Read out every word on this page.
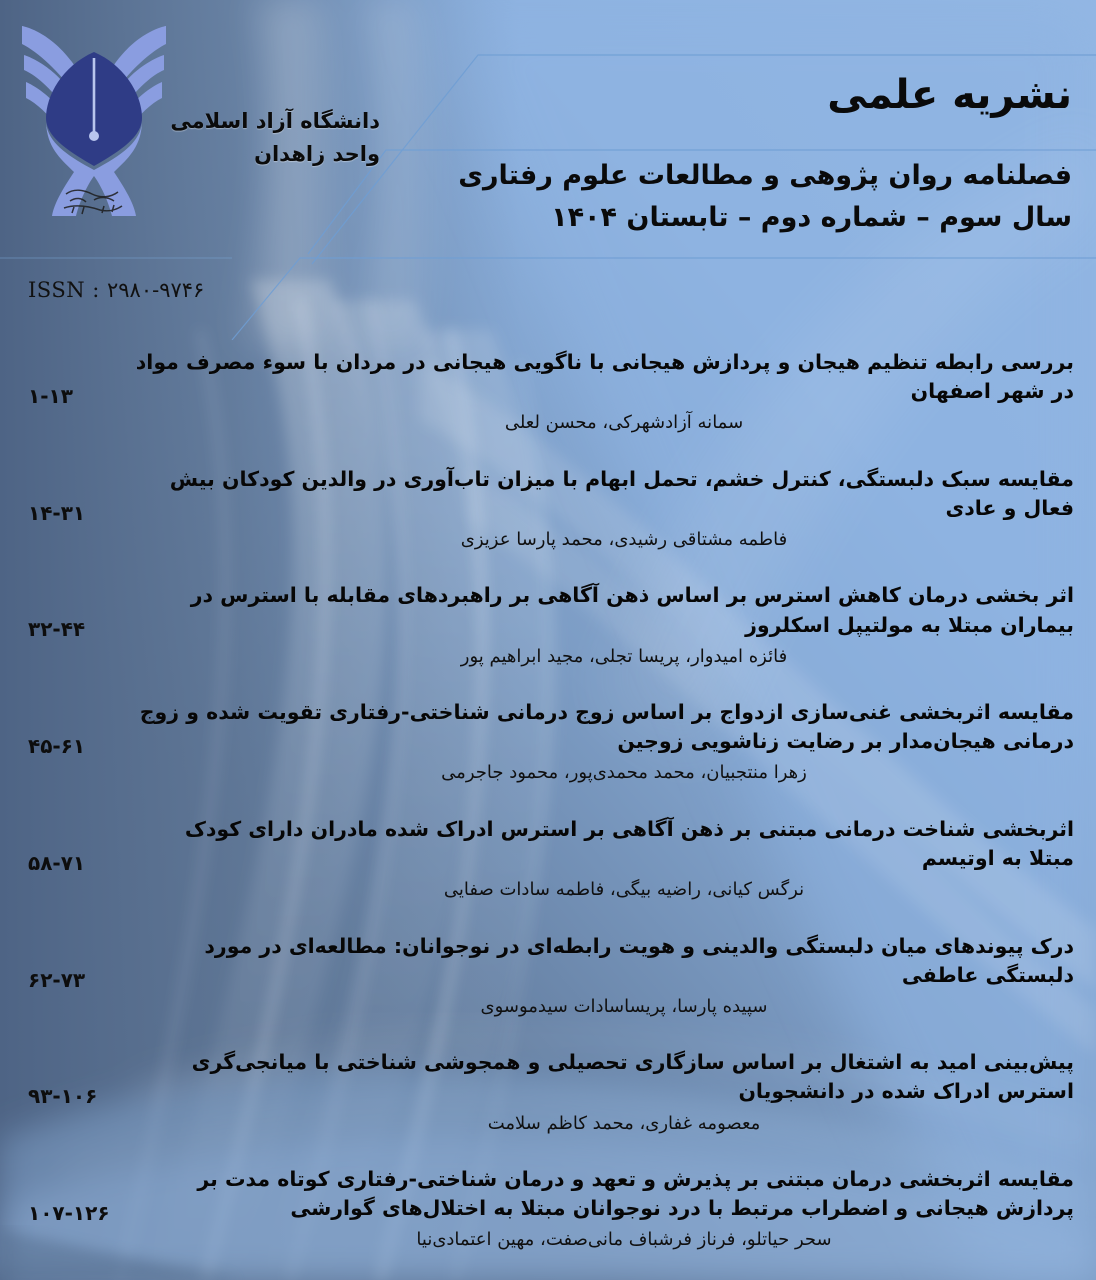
دانشگاه آزاد اسلامی
واحد زاهدان
ISSN : ۲۹۸۰-۹۷۴۶
نشریه علمی
فصلنامه روان پژوهی و مطالعات علوم رفتاری
سال سوم – شماره دوم – تابستان ۱۴۰۴
۱-۱۳
بررسی رابطه تنظیم هیجان و پردازش هیجانی با ناگویی هیجانی در مردان با سوء مصرف مواد در شهر اصفهان
سمانه آزادشهرکی، محسن لعلی
۱۴-۳۱
مقایسه سبک دلبستگی، کنترل خشم، تحمل ابهام با میزان تاب‌آوری در والدین کودکان بیش فعال و عادی
فاطمه مشتاقی رشیدی، محمد پارسا عزیزی
۳۲-۴۴
اثر بخشی درمان کاهش استرس بر اساس ذهن آگاهی بر راهبردهای مقابله با استرس در بیماران مبتلا به مولتیپل اسکلروز
فائزه امیدوار، پریسا تجلی، مجید ابراهیم پور
۴۵-۶۱
مقایسه اثربخشی غنی‌سازی ازدواج بر اساس زوج درمانی شناختی-رفتاری تقویت شده و زوج درمانی هیجان‌مدار بر رضایت زناشویی زوجین
زهرا منتجبیان، محمد محمدی‌پور، محمود جاجرمی
۵۸-۷۱
اثربخشی شناخت درمانی مبتنی بر ذهن آگاهی بر استرس ادراک شده مادران دارای کودک مبتلا به اوتیسم
نرگس کیانی، راضیه بیگی، فاطمه سادات صفایی
۶۲-۷۳
درک پیوندهای میان دلبستگی والدینی و هویت رابطه‌ای در نوجوانان: مطالعه‌ای در مورد دلبستگی عاطفی
سپیده پارسا، پریساسادات سیدموسوی
۹۳-۱۰۶
پیش‌بینی امید به اشتغال بر اساس سازگاری تحصیلی و همجوشی شناختی با میانجی‌گری استرس ادراک شده در دانشجویان
معصومه غفاری، محمد کاظم سلامت
۱۰۷-۱۲۶
مقایسه اثربخشی درمان مبتنی بر پذیرش و تعهد و درمان شناختی-رفتاری کوتاه مدت بر پردازش هیجانی و اضطراب مرتبط با درد نوجوانان مبتلا به اختلال‌های گوارشی
سحر حیاتلو، فرناز فرشباف مانی‌صفت، مهین اعتمادی‌نیا
